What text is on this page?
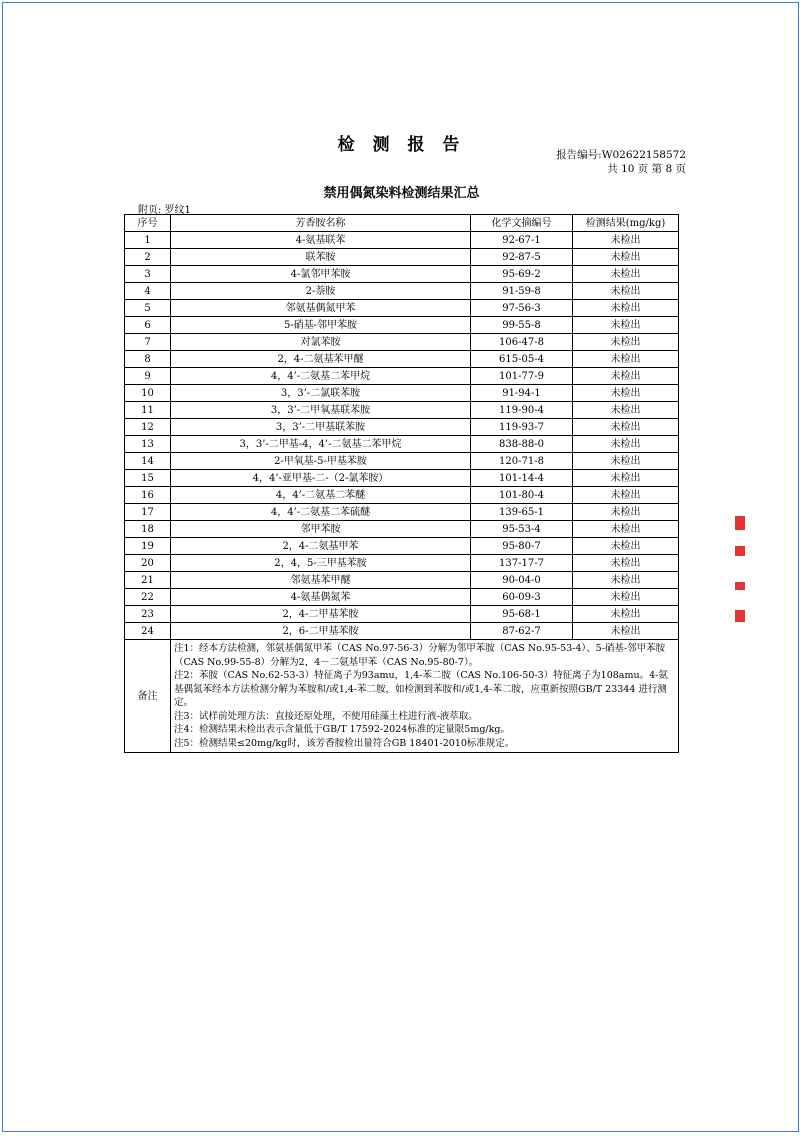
检 测 报 告	报告编号:W02622158572
共 10 页 第 8 页
禁用偶氮染料检测结果汇总
附页: 罗纹1
序号	芳香胺名称	化学文摘编号	检测结果(mg/kg)
1	4-氨基联苯	92-67-1	未检出
2	联苯胺	92-87-5	未检出
3	4-氯邻甲苯胺	95-69-2	未检出
4	2-萘胺	91-59-8	未检出
5	邻氨基偶氮甲苯	97-56-3	未检出
6	5-硝基-邻甲苯胺	99-55-8	未检出
7	对氯苯胺	106-47-8	未检出
8	2，4-二氨基苯甲醚	615-05-4	未检出
9	4，4’-二氨基二苯甲烷	101-77-9	未检出
10	3，3’-二氯联苯胺	91-94-1	未检出
11	3，3’-二甲氧基联苯胺	119-90-4	未检出
12	3，3’-二甲基联苯胺	119-93-7	未检出
13	3，3’-二甲基-4，4’-二氨基二苯甲烷	838-88-0	未检出
14	2-甲氧基-5-甲基苯胺	120-71-8	未检出
15	4，4’-亚甲基-二-（2-氯苯胺）	101-14-4	未检出
16	4，4’-二氨基二苯醚	101-80-4	未检出
17	4，4’-二氨基二苯硫醚	139-65-1	未检出
18	邻甲苯胺	95-53-4	未检出
19	2，4-二氨基甲苯	95-80-7	未检出
20	2，4，5-三甲基苯胺	137-17-7	未检出
21	邻氨基苯甲醚	90-04-0	未检出
22	4-氨基偶氮苯	60-09-3	未检出
23	2，4-二甲基苯胺	95-68-1	未检出
24	2，6-二甲基苯胺	87-62-7	未检出
备注	注1：经本方法检测，邻氨基偶氮甲苯（CAS No.97-56-3）分解为邻甲苯胺（CAS No.95-53-4）、5-硝基-邻甲苯胺（CAS No.99-55-8）分解为2，4－二氨基甲苯（CAS No.95-80-7）。
注2：苯胺（CAS No.62-53-3）特征离子为93amu，1,4-苯二胺（CAS No.106-50-3）特征离子为108amu。4-氨基偶氮苯经本方法检测分解为苯胺和/或1,4-苯二胺，如检测到苯胺和/或1,4-苯二胺，应重新按照GB/T 23344 进行测定。
注3：试样前处理方法：直接还原处理，不使用硅藻土柱进行液-液萃取。
注4：检测结果未检出表示含量低于GB/T 17592-2024标准的定量限5mg/kg。
注5：检测结果≤20mg/kg时，该芳香胺检出量符合GB 18401-2010标准规定。		
